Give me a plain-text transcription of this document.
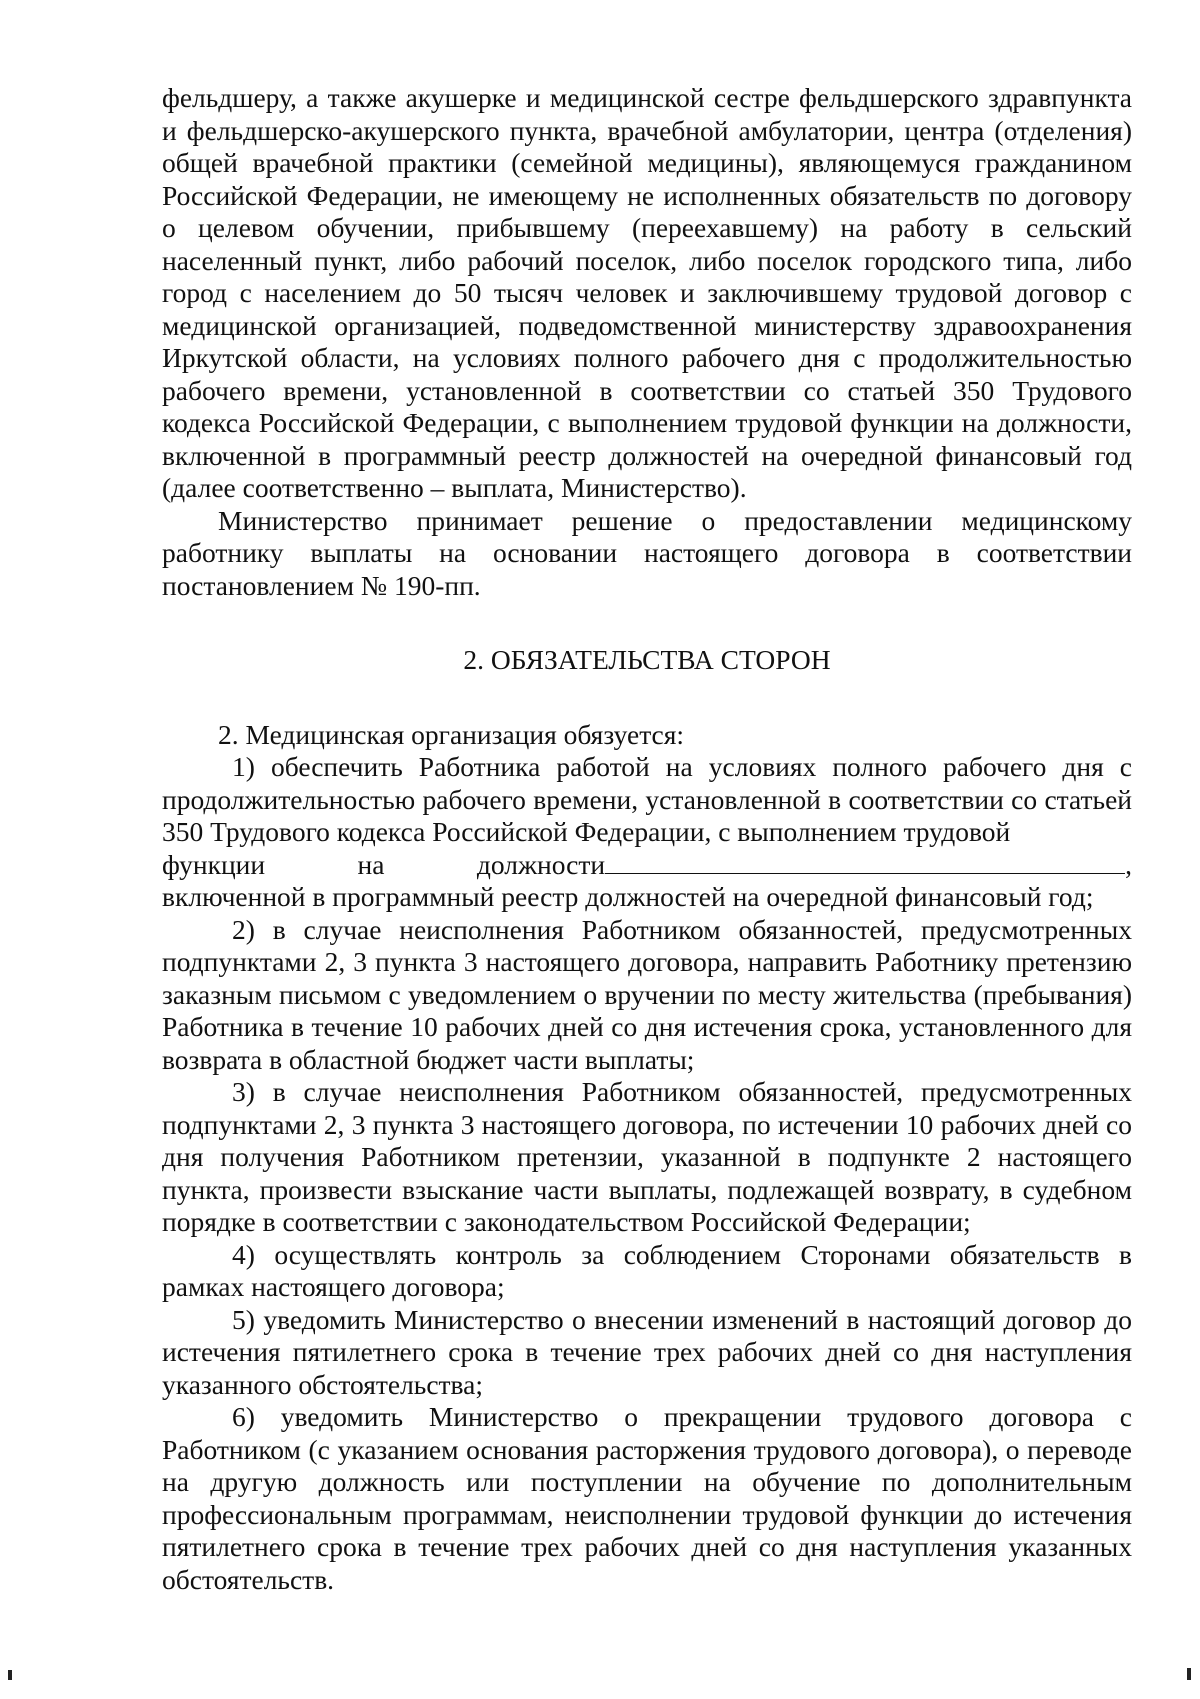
фельдшеру, а также акушерке и медицинской сестре фельдшерского здравпункта и фельдшерско-акушерского пункта, врачебной амбулатории, центра (отделения) общей врачебной практики (семейной медицины), являющемуся гражданином Российской Федерации, не имеющему не исполненных обязательств по договору о целевом обучении, прибывшему (переехавшему) на работу в сельский населенный пункт, либо рабочий поселок, либо поселок городского типа, либо город с населением до 50 тысяч человек и заключившему трудовой договор с медицинской организацией, подведомственной министерству здравоохранения Иркутской области, на условиях полного рабочего дня с продолжительностью рабочего времени, установленной в соответствии со статьей 350 Трудового кодекса Российской Федерации, с выполнением трудовой функции на должности, включенной в программный реестр должностей на очередной финансовый год (далее соответственно – выплата, Министерство).

Министерство принимает решение о предоставлении медицинскому работнику выплаты на основании настоящего договора в соответствии постановлением № 190-пп.

2. ОБЯЗАТЕЛЬСТВА СТОРОН

2. Медицинская организация обязуется:

1) обеспечить Работника работой на условиях полного рабочего дня с продолжительностью рабочего времени, установленной в соответствии со статьей 350 Трудового кодекса Российской Федерации, с выполнением трудовой

функции	на	должности	,

включенной в программный реестр должностей на очередной финансовый год;

2) в случае неисполнения Работником обязанностей, предусмотренных подпунктами 2, 3 пункта 3 настоящего договора, направить Работнику претензию заказным письмом с уведомлением о вручении по месту жительства (пребывания) Работника в течение 10 рабочих дней со дня истечения срока, установленного для возврата в областной бюджет части выплаты;

3) в случае неисполнения Работником обязанностей, предусмотренных подпунктами 2, 3 пункта 3 настоящего договора, по истечении 10 рабочих дней со дня получения Работником претензии, указанной в подпункте 2 настоящего пункта, произвести взыскание части выплаты, подлежащей возврату, в судебном порядке в соответствии с законодательством Российской Федерации;

4) осуществлять контроль за соблюдением Сторонами обязательств в рамках настоящего договора;

5) уведомить Министерство о внесении изменений в настоящий договор до истечения пятилетнего срока в течение трех рабочих дней со дня наступления указанного обстоятельства;

6) уведомить Министерство о прекращении трудового договора с Работником (с указанием основания расторжения трудового договора), о переводе на другую должность или поступлении на обучение по дополнительным профессиональным программам, неисполнении трудовой функции до истечения пятилетнего срока в течение трех рабочих дней со дня наступления указанных обстоятельств.
